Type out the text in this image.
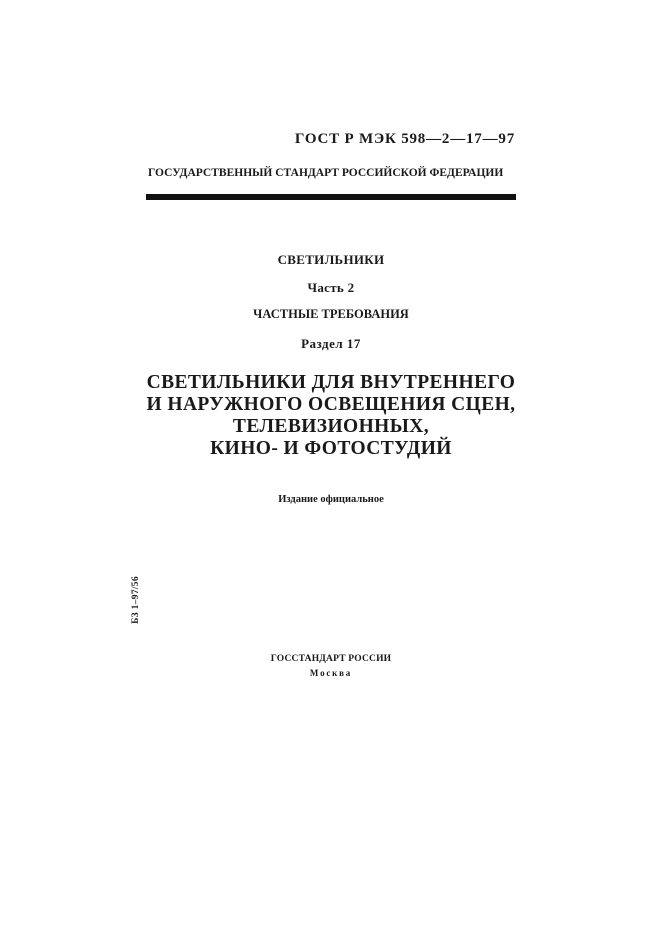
ГОСТ Р МЭК 598—2—17—97
ГОСУДАРСТВЕННЫЙ СТАНДАРТ РОССИЙСКОЙ ФЕДЕРАЦИИ
СВЕТИЛЬНИКИ
Часть 2
ЧАСТНЫЕ ТРЕБОВАНИЯ
Раздел 17
СВЕТИЛЬНИКИ ДЛЯ ВНУТРЕННЕГО
И НАРУЖНОГО ОСВЕЩЕНИЯ СЦЕН,
ТЕЛЕВИЗИОННЫХ,
КИНО- И ФОТОСТУДИЙ
Издание официальное
БЗ 1–97/56
ГОССТАНДАРТ РОССИИ
Москва
